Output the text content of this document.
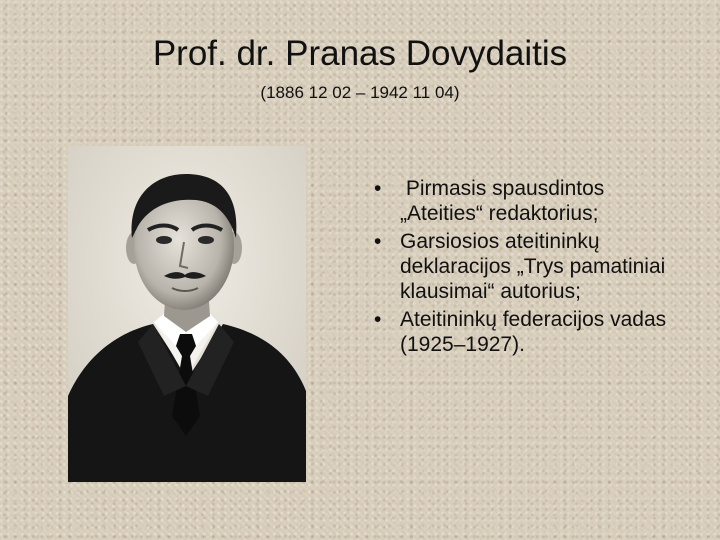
Prof. dr. Pranas Dovydaitis
(1886 12 02 – 1942 11 04)
• Pirmasis spausdintos „Ateities“ redaktorius;
• Garsiosios ateitininkų deklaracijos „Trys pamatiniai klausimai“ autorius;
• Ateitininkų federacijos vadas (1925–1927).
